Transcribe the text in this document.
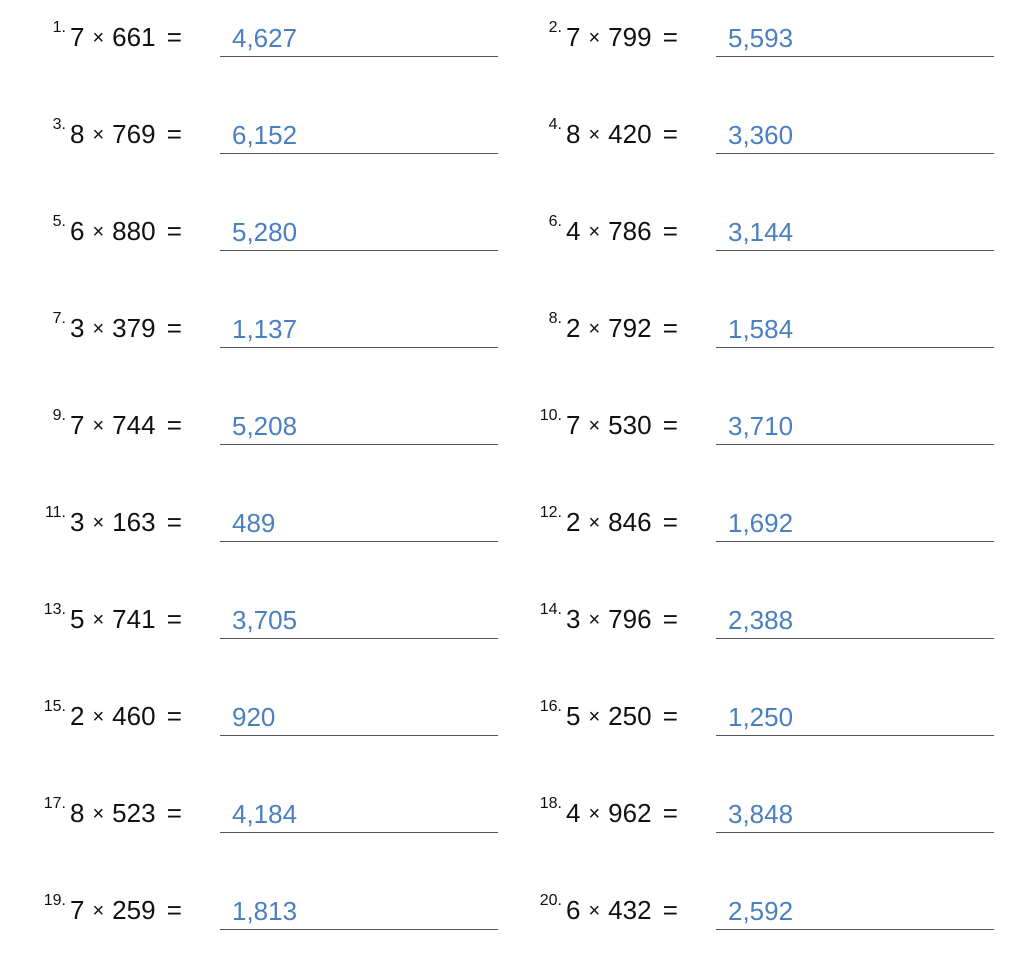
1. 7 × 661 = 4,627	2. 7 × 799 = 5,593
3. 8 × 769 = 6,152	4. 8 × 420 = 3,360
5. 6 × 880 = 5,280	6. 4 × 786 = 3,144
7. 3 × 379 = 1,137	8. 2 × 792 = 1,584
9. 7 × 744 = 5,208	10. 7 × 530 = 3,710
11. 3 × 163 = 489	12. 2 × 846 = 1,692
13. 5 × 741 = 3,705	14. 3 × 796 = 2,388
15. 2 × 460 = 920	16. 5 × 250 = 1,250
17. 8 × 523 = 4,184	18. 4 × 962 = 3,848
19. 7 × 259 = 1,813	20. 6 × 432 = 2,592
